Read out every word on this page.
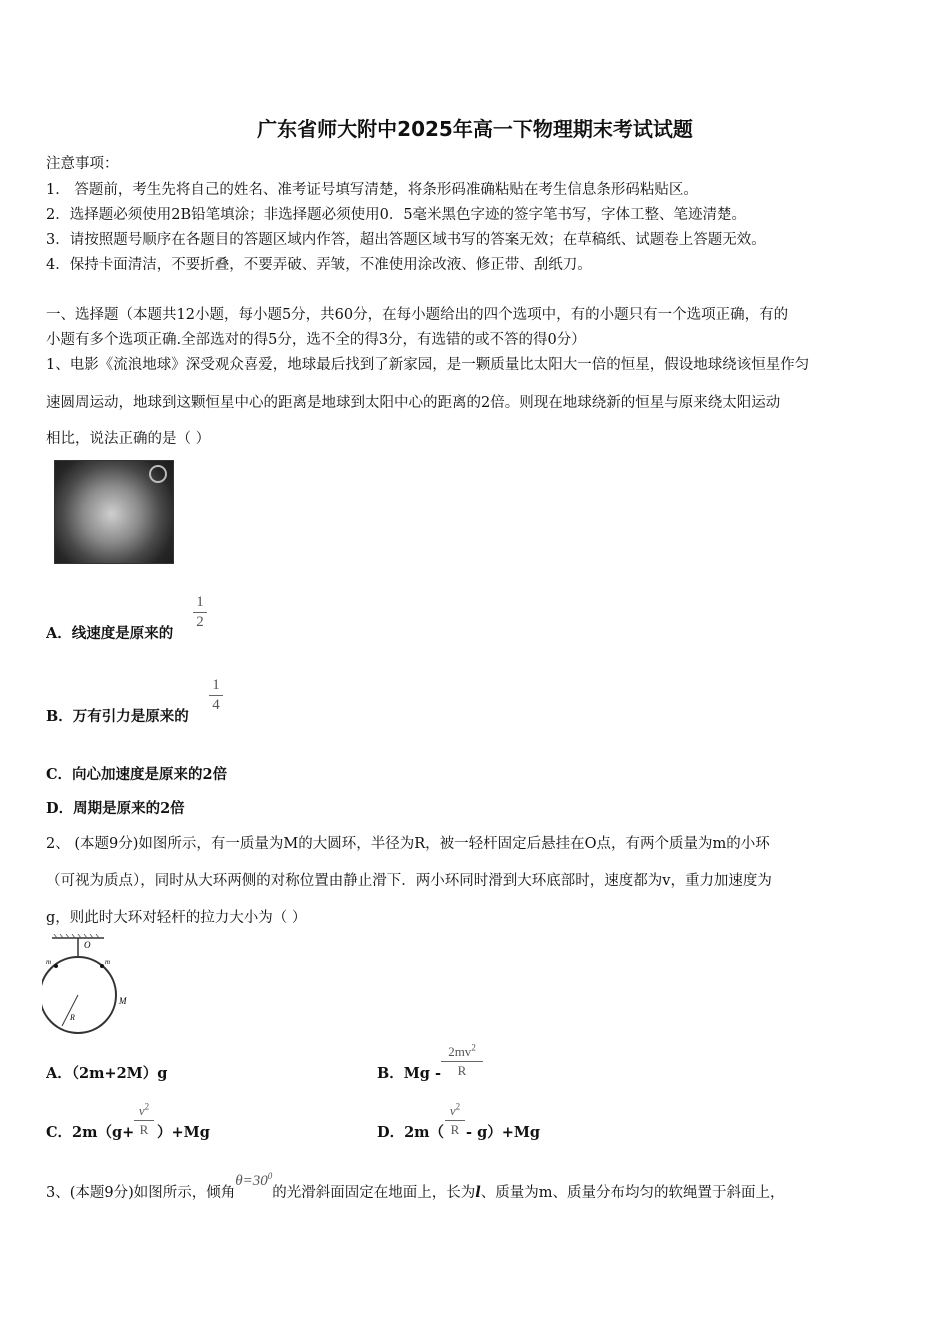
广东省师大附中2025年高一下物理期末考试试题
注意事项：
1． 答题前，考生先将自己的姓名、准考证号填写清楚，将条形码准确粘贴在考生信息条形码粘贴区。
2．选择题必须使用2B铅笔填涂；非选择题必须使用0．5毫米黑色字迹的签字笔书写，字体工整、笔迹清楚。
3．请按照题号顺序在各题目的答题区域内作答，超出答题区域书写的答案无效；在草稿纸、试题卷上答题无效。
4．保持卡面清洁，不要折叠，不要弄破、弄皱，不准使用涂改液、修正带、刮纸刀。
一、选择题（本题共12小题，每小题5分，共60分，在每小题给出的四个选项中，有的小题只有一个选项正确，有的
小题有多个选项正确.全部选对的得5分，选不全的得3分，有选错的或不答的得0分）
1、电影《流浪地球》深受观众喜爱，地球最后找到了新家园，是一颗质量比太阳大一倍的恒星，假设地球绕该恒星作匀
速圆周运动，地球到这颗恒星中心的距离是地球到太阳中心的距离的2倍。则现在地球绕新的恒星与原来绕太阳运动
相比，说法正确的是（ ）
A．线速度是原来的
1
2
B．万有引力是原来的
1
4
C．向心加速度是原来的2倍
D．周期是原来的2倍
2、 (本题9分)如图所示，有一质量为M的大圆环，半径为R，被一轻杆固定后悬挂在O点，有两个质量为m的小环
（可视为质点），同时从大环两侧的对称位置由静止滑下．两小环同时滑到大环底部时，速度都为v，重力加速度为
g，则此时大环对轻杆的拉力大小为（ ）
O
m	m
M
R
A．（2m+2M）g	B．Mg -
$2mv^2$
R
C．2m（g+
$v^2$
R ）+Mg	D．2m（
$v^2$
R - g）+Mg
3、(本题9分)如图所示，倾角$\theta=30^0$的光滑斜面固定在地面上，长为l、质量为m、质量分布均匀的软绳置于斜面上，
